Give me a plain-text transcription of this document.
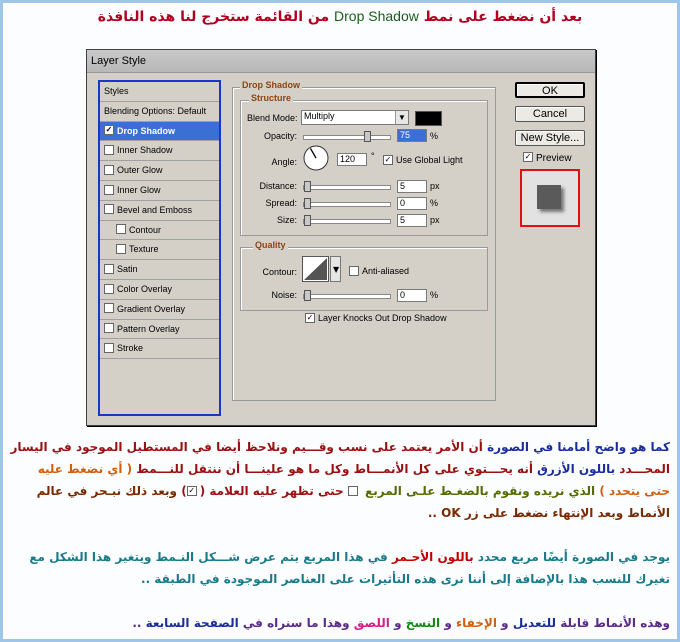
بعد أن نضغط على نمط Drop Shadow من القائمة ستخرج لنا هذه النافذة
Layer Style
Styles
Blending Options: Default
✓ Drop Shadow
Inner Shadow
Outer Glow
Inner Glow
Bevel and Emboss
Contour
Texture
Satin
Color Overlay
Gradient Overlay
Pattern Overlay
Stroke
Drop Shadow
Structure
Blend Mode: Multiply	▼
Opacity:	75	%
Angle:	120	° ✓ Use Global Light
Distance:	5	px
Spread:	0	%
Size:	5	px
Quality
Contour:	▼	Anti-aliased
Noise:	0	%
✓ Layer Knocks Out Drop Shadow
OK
Cancel
New Style...
✓ Preview
كما هو واضح أمامنا في الصورة أن الأمر يعتمد على نسب وقـــيم ونلاحظ أيضا في المستطيل الموجود في اليسار المحـــدد باللون الأزرق أنه يحـــتوي على كل الأنمـــاط وكل ما هو علينـــا أن ننتقل للنـــمط ( أي نضغط عليه حتى يتحدد ) الذي نريده ونقوم بالضغـط علـى المربع  حتى تظهر عليه العلامة (✓) وبعد ذلك نبـحر في عالم الأنماط وبعد الإنتهاء نضغط على زر OK ..
يوجد في الصورة أيضًا مربع محدد باللون الأحـمر في هذا المربع يتم عرض شـــكل النـمط ويتغير هذا الشكل مع تغيرك للنسب هذا بالإضافة إلى أننا نرى هذه التأثيرات على العناصر الموجودة في الطبقة ..
وهذه الأنماط قابلة للتعديل و الإخفاء و النسخ و اللصق وهذا ما سنراه في الصفحة السابعة ..
